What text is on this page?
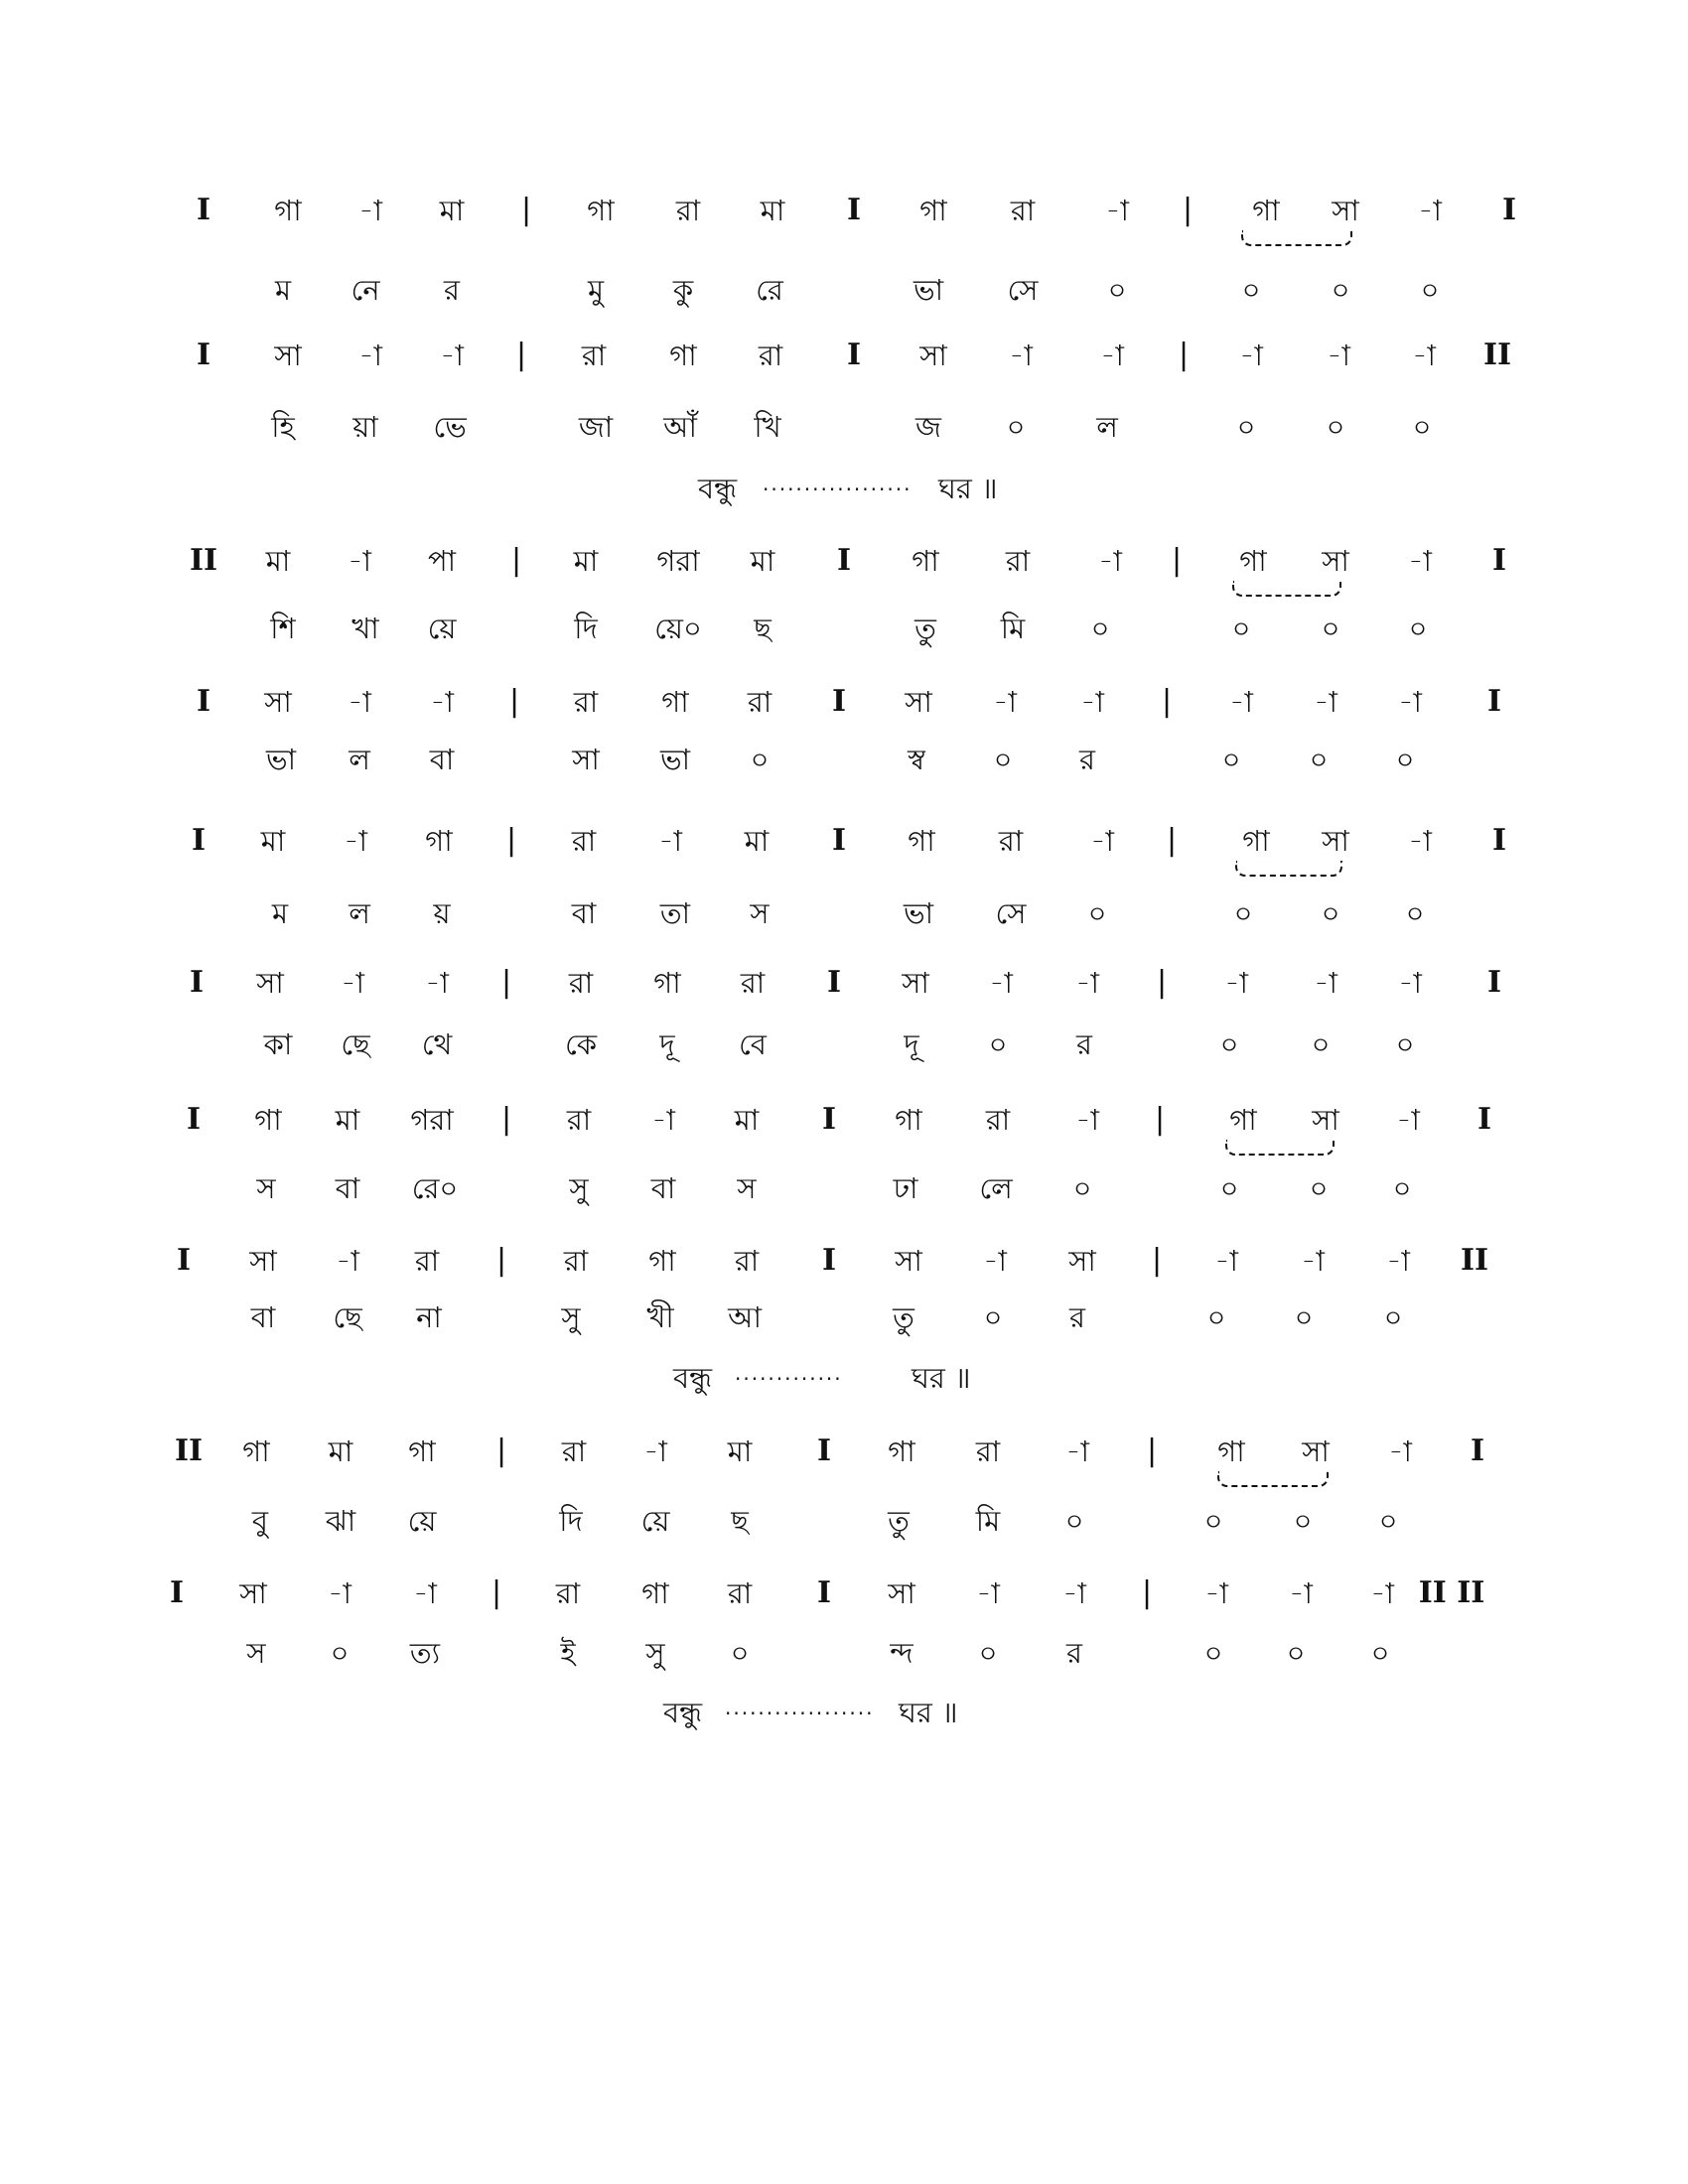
I	গা	-া	মা	|	গা	রা	মা	I	গা	রা	-া	|	গা	সা	-া	I
ম	নে	র	মু	কু	রে	ভা	সে	০	০	০	০
I	সা	-া	-া	|	রা	গা	রা	I	সা	-া	-া	|	-া	-া	-া	II
হি	য়া	ভে	জা	আঁ	খি	জ	০	ল	০	০	০
বন্ধু .................. ঘর ॥
II	মা	-া	পা	|	মা	গরা	মা	I	গা	রা	-া	|	গা	সা	-া	I
শি	খা	য়ে	দি	য়ে০	ছ	তু	মি	০	০	০	০
I	সা	-া	-া	|	রা	গা	রা	I	সা	-া	-া	|	-া	-া	-া	I
ভা	ল	বা	সা	ভা	০	স্ব	০	র	০	০	০
I	মা	-া	গা	|	রা	-া	মা	I	গা	রা	-া	|	গা	সা	-া	I
ম	ল	য়	বা	তা	স	ভা	সে	০	০	০	০
I	সা	-া	-া	|	রা	গা	রা	I	সা	-া	-া	|	-া	-া	-া	I
কা	ছে	থে	কে	দূ	বে	দূ	০	র	০	০	০
I	গা	মা	গরা	|	রা	-া	মা	I	গা	রা	-া	|	গা	সা	-া	I
স	বা	রে০	সু	বা	স	ঢা	লে	০	০	০	০
I	সা	-া	রা	|	রা	গা	রা	I	সা	-া	সা	|	-া	-া	-া	II
বা	ছে	না	সু	খী	আ	তু	০	র	০	০	০
বন্ধু ............. ঘর ॥
II	গা	মা	গা	|	রা	-া	মা	I	গা	রা	-া	|	গা	সা	-া	I
বু	ঝা	য়ে	দি	য়ে	ছ	তু	মি	০	০	০	০
I	সা	-া	-া	|	রা	গা	রা	I	সা	-া	-া	|	-া	-া	-া II II
স	০	ত্য	ই	সু	০	ন্দ	০	র	০	০	০
বন্ধু .................. ঘর ॥
